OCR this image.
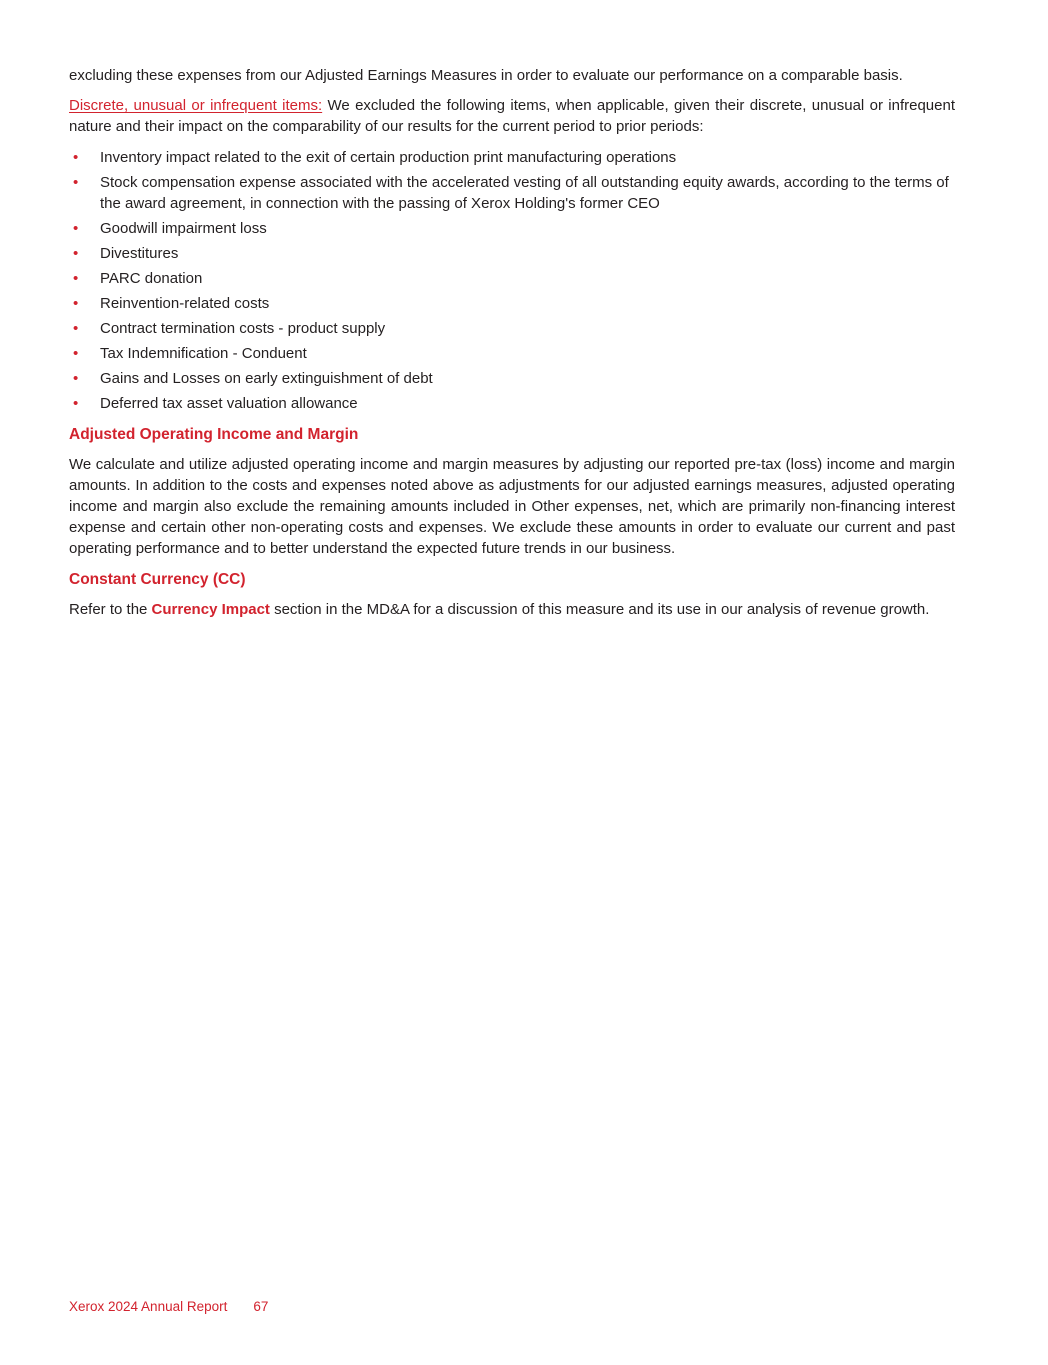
excluding these expenses from our Adjusted Earnings Measures in order to evaluate our performance on a comparable basis.

Discrete, unusual or infrequent items: We excluded the following items, when applicable, given their discrete, unusual or infrequent nature and their impact on the comparability of our results for the current period to prior periods:

• Inventory impact related to the exit of certain production print manufacturing operations
• Stock compensation expense associated with the accelerated vesting of all outstanding equity awards, according to the terms of the award agreement, in connection with the passing of Xerox Holding's former CEO
• Goodwill impairment loss
• Divestitures
• PARC donation
• Reinvention-related costs
• Contract termination costs - product supply
• Tax Indemnification - Conduent
• Gains and Losses on early extinguishment of debt
• Deferred tax asset valuation allowance
Adjusted Operating Income and Margin

We calculate and utilize adjusted operating income and margin measures by adjusting our reported pre-tax (loss) income and margin amounts. In addition to the costs and expenses noted above as adjustments for our adjusted earnings measures, adjusted operating income and margin also exclude the remaining amounts included in Other expenses, net, which are primarily non-financing interest expense and certain other non-operating costs and expenses. We exclude these amounts in order to evaluate our current and past operating performance and to better understand the expected future trends in our business.

Constant Currency (CC)

Refer to the Currency Impact section in the MD&A for a discussion of this measure and its use in our analysis of revenue growth.

Xerox 2024 Annual Report 67
